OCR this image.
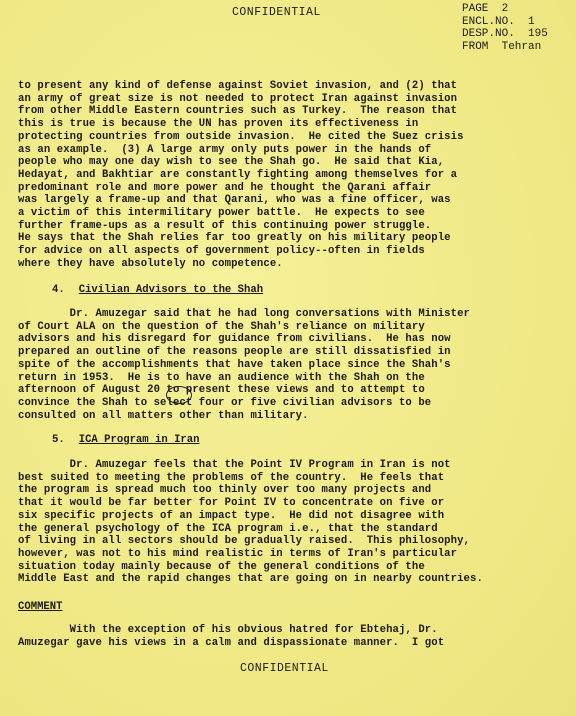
CONFIDENTIAL	PAGE  2
ENCL.NO.  1
DESP.NO.  195
FROM  Tehran
to present any kind of defense against Soviet invasion, and (2) that
an army of great size is not needed to protect Iran against invasion
from other Middle Eastern countries such as Turkey.  The reason that
this is true is because the UN has proven its effectiveness in
protecting countries from outside invasion.  He cited the Suez crisis
as an example.  (3) A large army only puts power in the hands of
people who may one day wish to see the Shah go.  He said that Kia,
Hedayat, and Bakhtiar are constantly fighting among themselves for a
predominant role and more power and he thought the Qarani affair
was largely a frame-up and that Qarani, who was a fine officer, was
a victim of this intermilitary power battle.  He expects to see
further frame-ups as a result of this continuing power struggle.
He says that the Shah relies far too greatly on his military people
for advice on all aspects of government policy--often in fields
where they have absolutely no competence.
4. Civilian Advisors to the Shah
Dr. Amuzegar said that he had long conversations with Minister
of Court ALA on the question of the Shah's reliance on military
advisors and his disregard for guidance from civilians.  He has now
prepared an outline of the reasons people are still dissatisfied in
spite of the accomplishments that have taken place since the Shah's
return in 1953.  He is to have an audience with the Shah on the
afternoon of August 20 to present these views and to attempt to
convince the Shah to select four or five civilian advisors to be
consulted on all matters other than military.
5. ICA Program in Iran
Dr. Amuzegar feels that the Point IV Program in Iran is not
best suited to meeting the problems of the country.  He feels that
the program is spread much too thinly over too many projects and
that it would be far better for Point IV to concentrate on five or
six specific projects of an impact type.  He did not disagree with
the general psychology of the ICA program i.e., that the standard
of living in all sectors should be gradually raised.  This philosophy,
however, was not to his mind realistic in terms of Iran's particular
situation today mainly because of the general conditions of the
Middle East and the rapid changes that are going on in nearby countries.
COMMENT
With the exception of his obvious hatred for Ebtehaj, Dr.
Amuzegar gave his views in a calm and dispassionate manner.  I got
CONFIDENTIAL
